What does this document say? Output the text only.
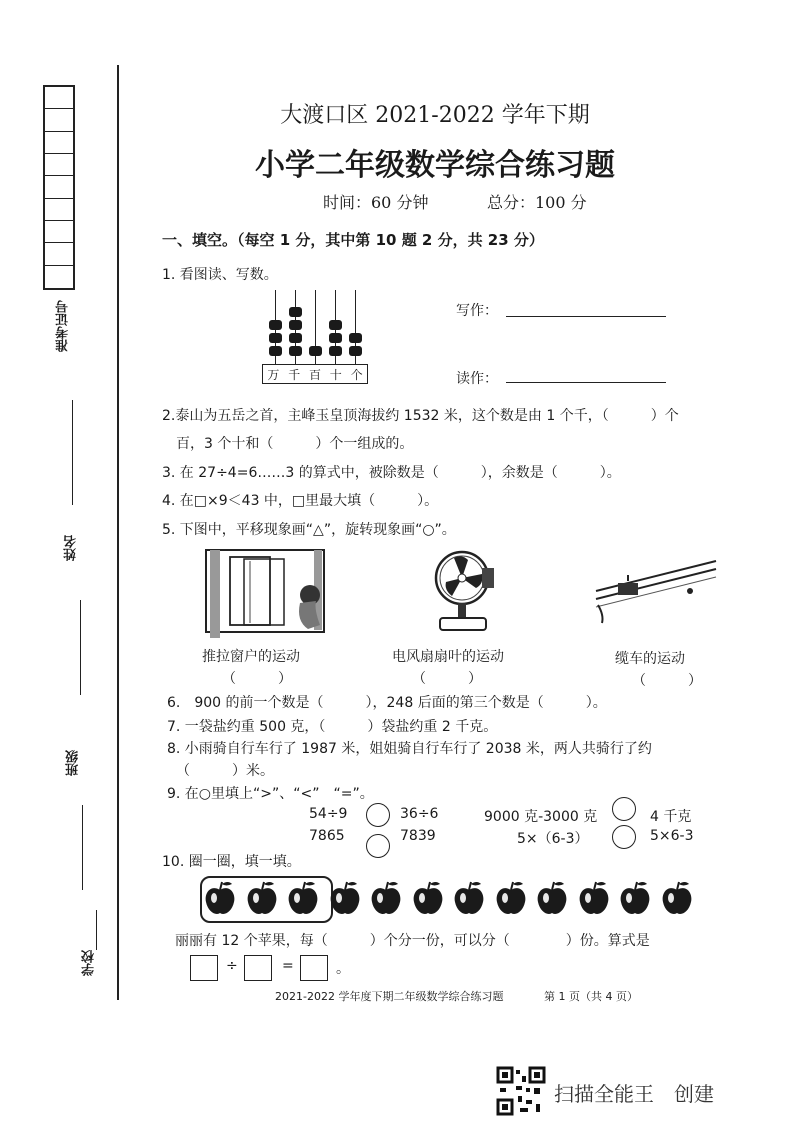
准考证号
姓名
班级
学校
大渡口区 2021-2022 学年下期
小学二年级数学综合练习题
时间：60 分钟	总分：100 分
一、填空。（每空 1 分，其中第 10 题 2 分，共 23 分）
1. 看图读、写数。
万 千 百 十 个
写作：
读作：
2.泰山为五岳之首，主峰玉皇顶海拔约 1532 米，这个数是由 1 个千，（　　　）个
百，3 个十和（　　　）个一组成的。
3. 在 27÷4=6……3 的算式中，被除数是（　　　），余数是（　　　）。
4. 在□×9＜43 中，□里最大填（　　　）。
5. 下图中，平移现象画“△”，旋转现象画“○”。
推拉窗户的运动	电风扇扇叶的运动	缆车的运动
（　　　）	（　　　）	（　　　）
6.　900 的前一个数是（　　　），248 后面的第三个数是（　　　）。
7. 一袋盐约重 500 克，（　　　）袋盐约重 2 千克。
8. 小雨骑自行车行了 1987 米，姐姐骑自行车行了 2038 米，两人共骑行了约
（　　　）米。
9. 在○里填上“>”、“<”　“=”。
54÷9	36÷6	9000 克-3000 克	4 千克
7865	7839	5×（6-3）	5×6-3
10. 圈一圈，填一填。
丽丽有 12 个苹果，每（　　　）个分一份，可以分（　　　　）份。算式是
÷	=	。
2021-2022 学年度下期二年级数学综合练习题	第 1 页（共 4 页）
扫描全能王　创建
